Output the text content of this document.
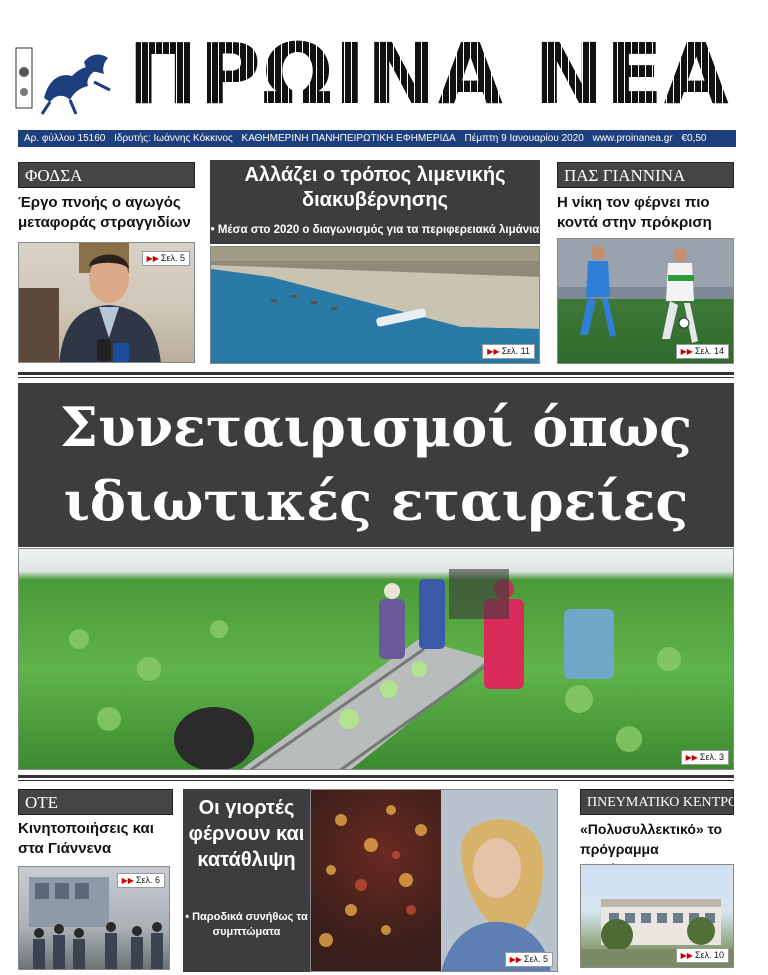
ΠΡΩΙΝΑ ΝΕΑ
Αρ. φύλλου 15160 Ιδρυτής: Ιωάννης Κόκκινος ΚΑΘΗΜΕΡΙΝΗ ΠΑΝΗΠΕΙΡΩΤΙΚΗ ΕΦΗΜΕΡΙΔΑ Πέμπτη 9 Ιανουαρίου 2020 www.proinanea.gr €0,50
ΦΟΔΣΑ
Έργο πνοής ο αγωγός μεταφοράς στραγγιδίων
▶▶ Σελ. 5
Αλλάζει ο τρόπος λιμενικής διακυβέρνησης
• Μέσα στο 2020 ο διαγωνισμός για τα περιφερειακά λιμάνια
▶▶ Σελ. 11
ΠΑΣ ΓΙΑΝΝΙΝΑ
Η νίκη τον φέρνει πιο κοντά στην πρόκριση
▶▶ Σελ. 14
Συνεταιρισμοί όπως ιδιωτικές εταιρείες
▶▶ Σελ. 3
ΟΤΕ
Κινητοποιήσεις και στα Γιάννενα
▶▶ Σελ. 6
Οι γιορτές φέρνουν και κατάθλιψη
• Παροδικά συνήθως τα συμπτώματα
▶▶ Σελ. 5
ΠΝΕΥΜΑΤΙΚΟ ΚΕΝΤΡΟ
«Πολυσυλλεκτικό» το πρόγραμμα
▶▶ Σελ. 10
